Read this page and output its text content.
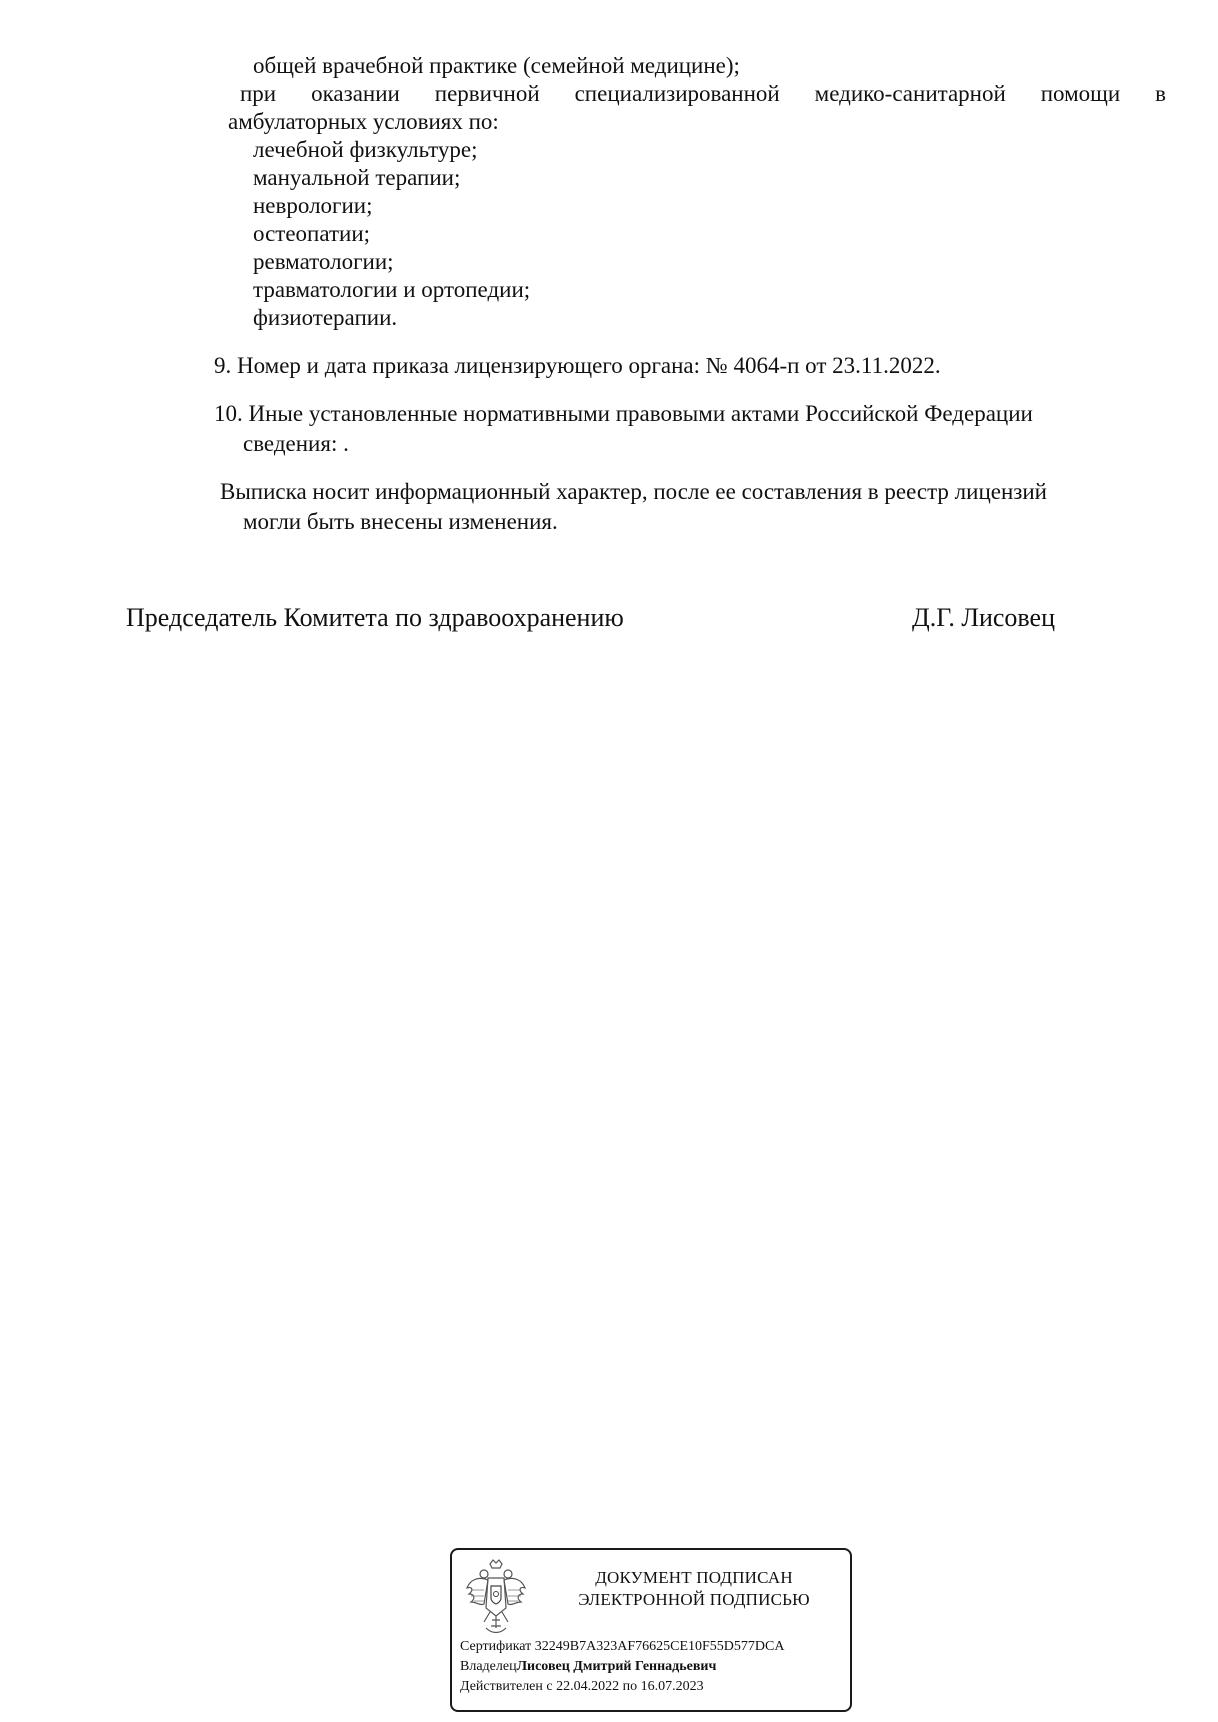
общей врачебной практике (семейной медицине);
при оказании первичной специализированной медико-санитарной помощи в
амбулаторных условиях по:
лечебной физкультуре;
мануальной терапии;
неврологии;
остеопатии;
ревматологии;
травматологии и ортопедии;
физиотерапии.
9. Номер и дата приказа лицензирующего органа: № 4064-п от 23.11.2022.
10. Иные установленные нормативными правовыми актами Российской Федерации
сведения: .
Выписка носит информационный характер, после ее составления в реестр лицензий
могли быть внесены изменения.
Председатель Комитета по здравоохранению	Д.Г. Лисовец
ДОКУМЕНТ ПОДПИСАН
ЭЛЕКТРОННОЙ ПОДПИСЬЮ
Сертификат 32249B7A323AF76625CE10F55D577DCA
ВладелецЛисовец Дмитрий Геннадьевич
Действителен с 22.04.2022 по 16.07.2023
